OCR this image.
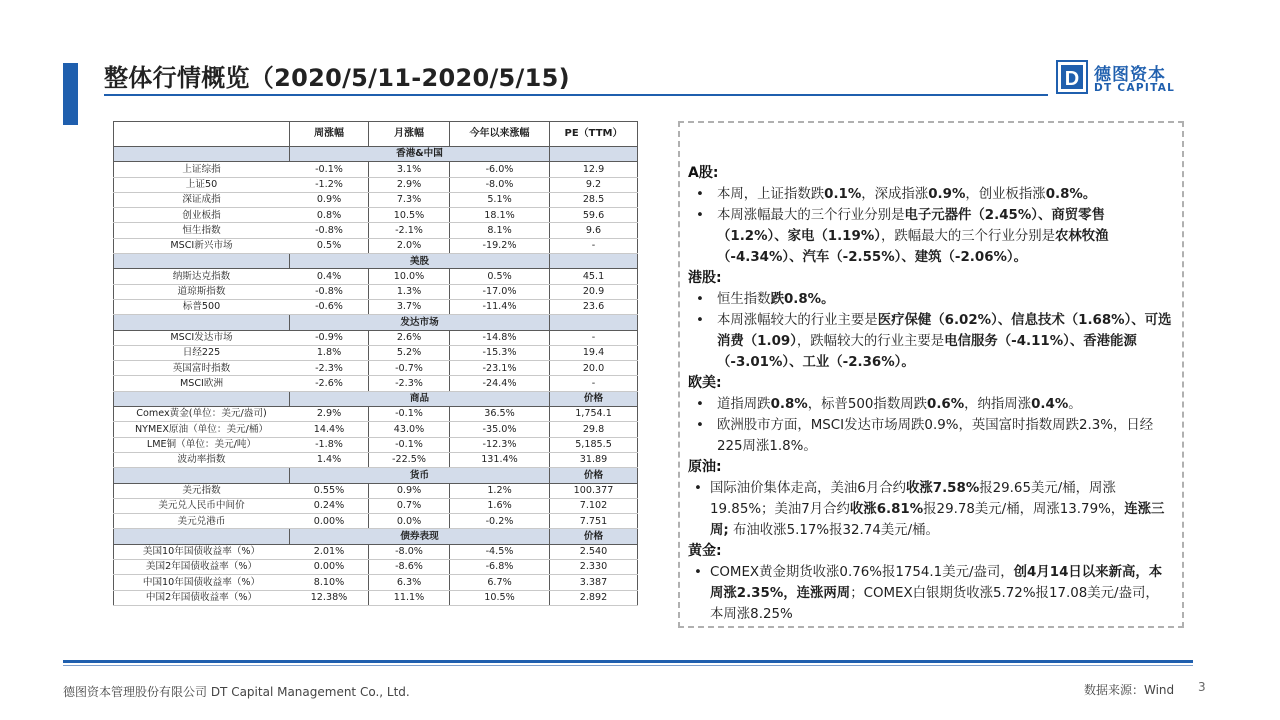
整体行情概览（2020/5/11-2020/5/15)	D 德图资本
DT CAPITAL
	周涨幅	月涨幅	今年以来涨幅	PE（TTM）
	香港&中国			
上证综指	-0.1%	3.1%	-6.0%	12.9
上证50	-1.2%	2.9%	-8.0%	9.2
深证成指	0.9%	7.3%	5.1%	28.5
创业板指	0.8%	10.5%	18.1%	59.6
恒生指数	-0.8%	-2.1%	8.1%	9.6
MSCI新兴市场	0.5%	2.0%	-19.2%	-
	美股			
纳斯达克指数	0.4%	10.0%	0.5%	45.1
道琼斯指数	-0.8%	1.3%	-17.0%	20.9
标普500	-0.6%	3.7%	-11.4%	23.6
	发达市场			
MSCI发达市场	-0.9%	2.6%	-14.8%	-
日经225	1.8%	5.2%	-15.3%	19.4
英国富时指数	-2.3%	-0.7%	-23.1%	20.0
MSCI欧洲	-2.6%	-2.3%	-24.4%	-
	商品			价格
Comex黄金(单位：美元/盎司)	2.9%	-0.1%	36.5%	1,754.1
NYMEX原油（单位：美元/桶）	14.4%	43.0%	-35.0%	29.8
LME铜（单位：美元/吨）	-1.8%	-0.1%	-12.3%	5,185.5
波动率指数	1.4%	-22.5%	131.4%	31.89
	货币			价格
美元指数	0.55%	0.9%	1.2%	100.377
美元兑人民币中间价	0.24%	0.7%	1.6%	7.102
美元兑港币	0.00%	0.0%	-0.2%	7.751
	债券表现			价格
美国10年国债收益率（%）	2.01%	-8.0%	-4.5%	2.540
美国2年国债收益率（%）	0.00%	-8.6%	-6.8%	2.330
中国10年国债收益率（%）	8.10%	6.3%	6.7%	3.387
中国2年国债收益率（%）	12.38%	11.1%	10.5%	2.892
A股:
• 本周，上证指数跌0.1%，深成指涨0.9%，创业板指涨0.8%。
• 本周涨幅最大的三个行业分别是电子元器件（2.45%）、商贸零售（1.2%）、家电（1.19%），跌幅最大的三个行业分别是农林牧渔（-4.34%）、汽车（-2.55%）、建筑（-2.06%）。
港股:
• 恒生指数跌0.8%。
• 本周涨幅较大的行业主要是医疗保健（6.02%）、信息技术（1.68%）、可选消费（1.09），跌幅较大的行业主要是电信服务（-4.11%）、香港能源（-3.01%）、工业（-2.36%）。
欧美:
• 道指周跌0.8%，标普500指数周跌0.6%，纳指周涨0.4%。
• 欧洲股市方面，MSCI发达市场周跌0.9%，英国富时指数周跌2.3%，日经225周涨1.8%。
原油:
• 国际油价集体走高，美油6月合约收涨7.58%报29.65美元/桶，周涨19.85%；美油7月合约收涨6.81%报29.78美元/桶，周涨13.79%，连涨三周; 布油收涨5.17%报32.74美元/桶。
黄金:
• COMEX黄金期货收涨0.76%报1754.1美元/盎司，创4月14日以来新高，本周涨2.35%，连涨两周；COMEX白银期货收涨5.72%报17.08美元/盎司，本周涨8.25%
德图资本管理股份有限公司 DT Capital Management Co., Ltd.	数据来源：Wind 3
